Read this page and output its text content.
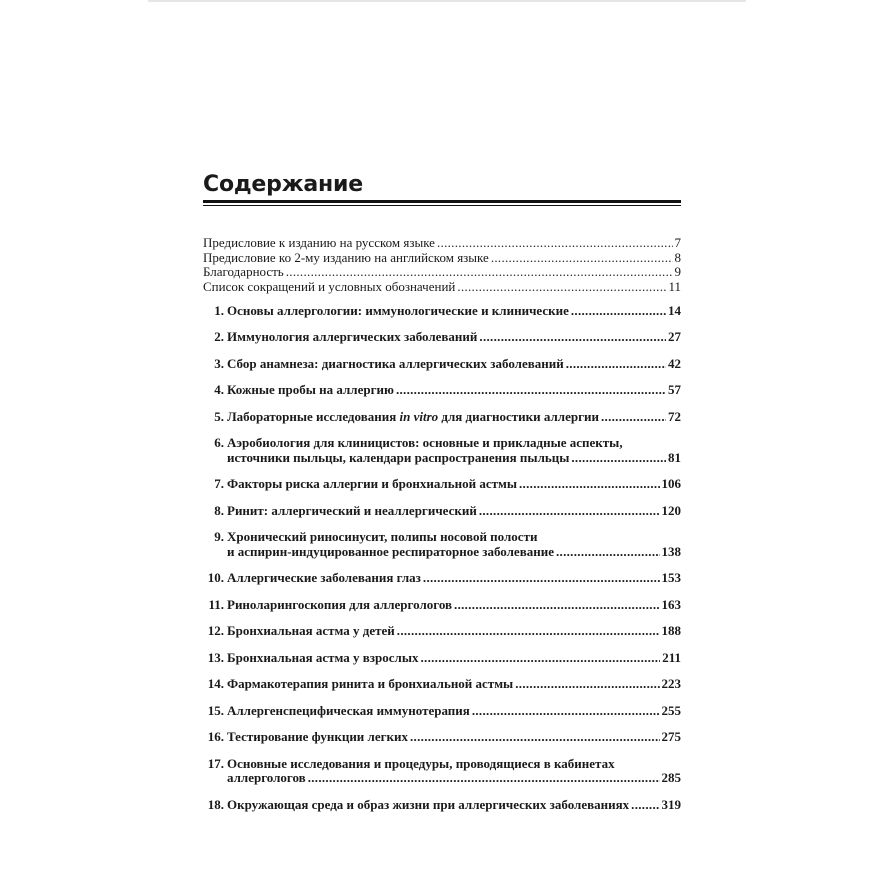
Содержание
Предисловие к изданию на русском языке .....	7
Предисловие ко 2-му изданию на английском языке .....	8
Благодарность .....	9
Список сокращений и условных обозначений .....	11
1. Основы аллергологии: иммунологические и клинические .....	14
2. Иммунология аллергических заболеваний .....	27
3. Сбор анамнеза: диагностика аллергических заболеваний .....	42
4. Кожные пробы на аллергию .....	57
5. Лабораторные исследования in vitro для диагностики аллергии .....	72
6. Аэробиология для клиницистов: основные и прикладные аспекты,
источники пыльцы, календари распространения пыльцы .....	81
7. Факторы риска аллергии и бронхиальной астмы .....	106
8. Ринит: аллергический и неаллергический .....	120
9. Хронический риносинусит, полипы носовой полости
и аспирин-индуцированное респираторное заболевание .....	138
10. Аллергические заболевания глаз .....	153
11. Риноларингоскопия для аллергологов .....	163
12. Бронхиальная астма у детей .....	188
13. Бронхиальная астма у взрослых .....	211
14. Фармакотерапия ринита и бронхиальной астмы .....	223
15. Аллергенспецифическая иммунотерапия .....	255
16. Тестирование функции легких .....	275
17. Основные исследования и процедуры, проводящиеся в кабинетах
аллергологов .....	285
18. Окружающая среда и образ жизни при аллергических заболеваниях ..... 319
